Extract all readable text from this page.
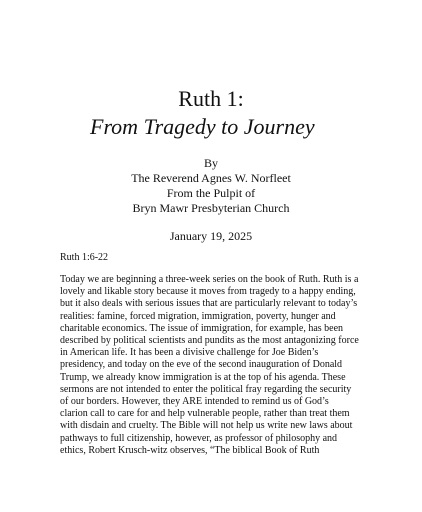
Ruth 1:
From Tragedy to Journey
By
The Reverend Agnes W. Norfleet
From the Pulpit of
Bryn Mawr Presbyterian Church
January 19, 2025
Ruth 1:6-22
Today we are beginning a three-week series on the book of Ruth. Ruth is a
lovely and likable story because it moves from tragedy to a happy ending,
but it also deals with serious issues that are particularly relevant to today’s
realities: famine, forced migration, immigration, poverty, hunger and
charitable economics. The issue of immigration, for example, has been
described by political scientists and pundits as the most antagonizing force
in American life. It has been a divisive challenge for Joe Biden’s
presidency, and today on the eve of the second inauguration of Donald
Trump, we already know immigration is at the top of his agenda. These
sermons are not intended to enter the political fray regarding the security
of our borders. However, they ARE intended to remind us of God’s
clarion call to care for and help vulnerable people, rather than treat them
with disdain and cruelty. The Bible will not help us write new laws about
pathways to full citizenship, however, as professor of philosophy and
ethics, Robert Krusch-witz observes, “The biblical Book of Ruth
